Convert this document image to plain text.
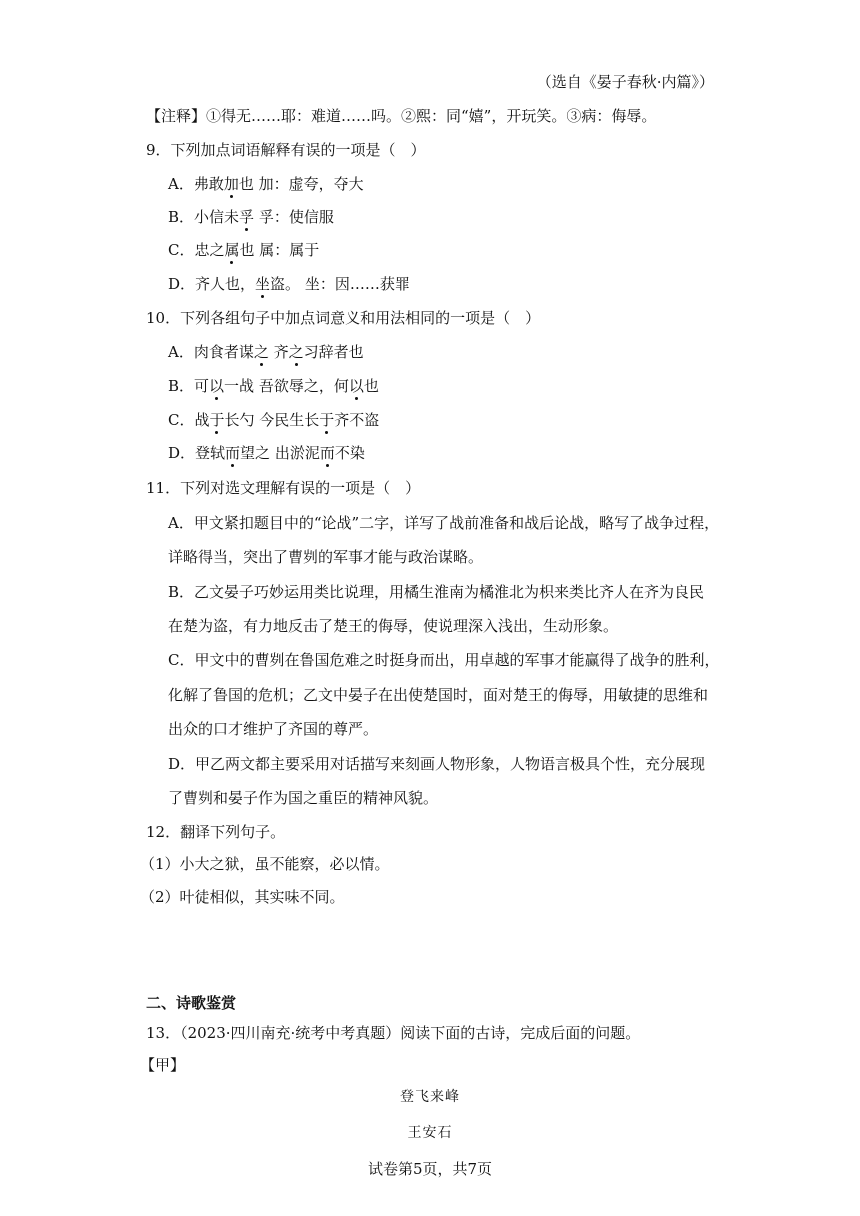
（选自《晏子春秋·内篇》）
【注释】①得无……耶：难道……吗。②熙：同“嬉”，开玩笑。③病：侮辱。
9．下列加点词语解释有误的一项是（　）
A．弗敢加也 加：虚夸，夺大
B．小信未孚 孚：使信服
C．忠之属也 属：属于
D．齐人也，坐盗。 坐：因……获罪
10．下列各组句子中加点词意义和用法相同的一项是（　）
A．肉食者谋之 齐之习辞者也
B．可以一战 吾欲辱之，何以也
C．战于长勺 今民生长于齐不盗
D．登轼而望之 出淤泥而不染
11．下列对选文理解有误的一项是（　）
A．甲文紧扣题目中的“论战”二字，详写了战前准备和战后论战，略写了战争过程，
详略得当，突出了曹刿的军事才能与政治谋略。
B．乙文晏子巧妙运用类比说理，用橘生淮南为橘淮北为枳来类比齐人在齐为良民
在楚为盗，有力地反击了楚王的侮辱，使说理深入浅出，生动形象。
C．甲文中的曹刿在鲁国危难之时挺身而出，用卓越的军事才能赢得了战争的胜利，
化解了鲁国的危机；乙文中晏子在出使楚国时，面对楚王的侮辱，用敏捷的思维和
出众的口才维护了齐国的尊严。
D．甲乙两文都主要采用对话描写来刻画人物形象，人物语言极具个性，充分展现
了曹刿和晏子作为国之重臣的精神风貌。
12．翻译下列句子。
（1）小大之狱，虽不能察，必以情。
（2）叶徒相似，其实味不同。
二、诗歌鉴赏
13．（2023·四川南充·统考中考真题）阅读下面的古诗，完成后面的问题。
【甲】
登飞来峰
王安石
试卷第5页，共7页
